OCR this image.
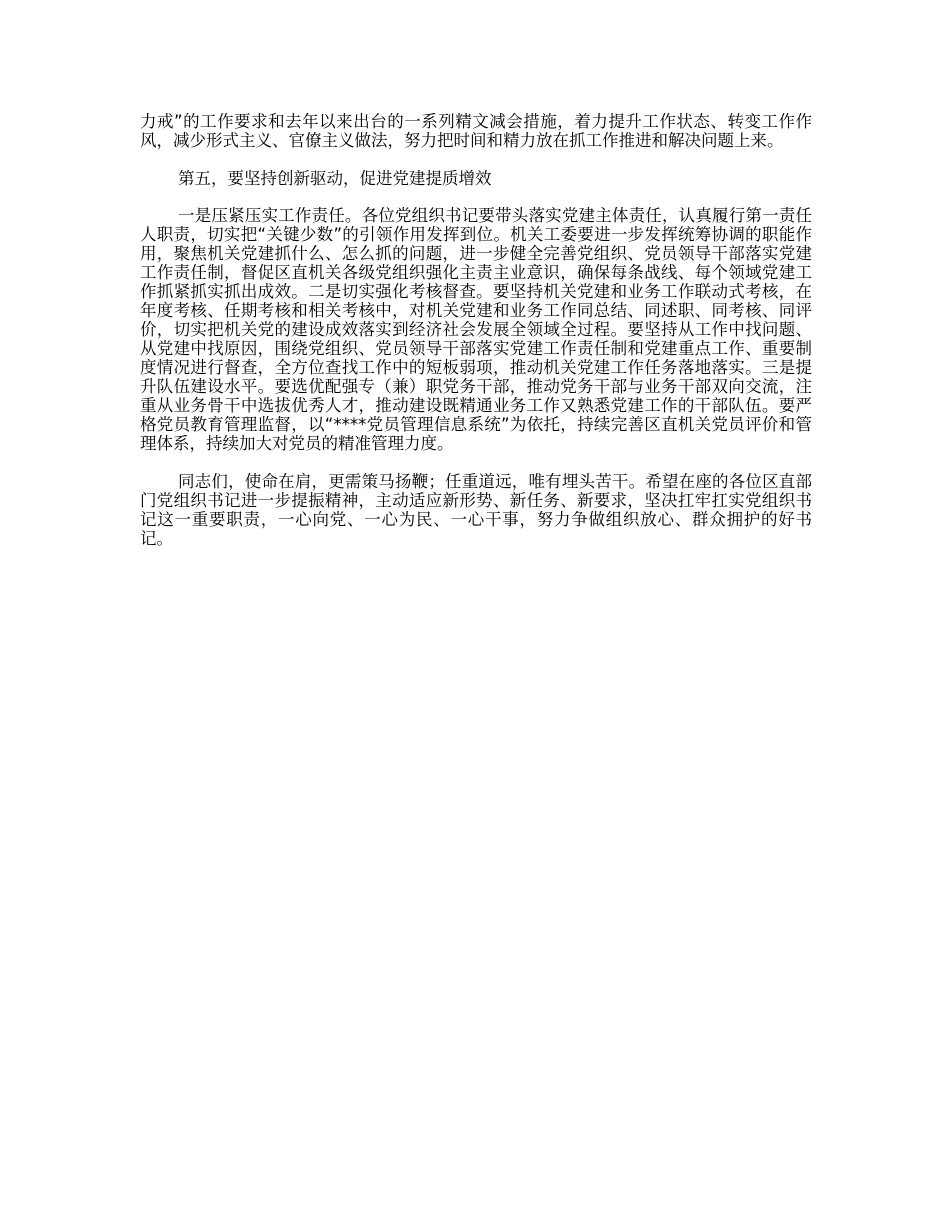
力戒”的工作要求和去年以来出台的一系列精文减会措施，着力提升工作状态、转变工作作风，减少形式主义、官僚主义做法，努力把时间和精力放在抓工作推进和解决问题上来。

第五，要坚持创新驱动，促进党建提质增效

一是压紧压实工作责任。各位党组织书记要带头落实党建主体责任，认真履行第一责任人职责，切实把“关键少数”的引领作用发挥到位。机关工委要进一步发挥统筹协调的职能作用，聚焦机关党建抓什么、怎么抓的问题，进一步健全完善党组织、党员领导干部落实党建工作责任制，督促区直机关各级党组织强化主责主业意识，确保每条战线、每个领域党建工作抓紧抓实抓出成效。二是切实强化考核督查。要坚持机关党建和业务工作联动式考核，在年度考核、任期考核和相关考核中，对机关党建和业务工作同总结、同述职、同考核、同评价，切实把机关党的建设成效落实到经济社会发展全领域全过程。要坚持从工作中找问题、从党建中找原因，围绕党组织、党员领导干部落实党建工作责任制和党建重点工作、重要制度情况进行督查，全方位查找工作中的短板弱项，推动机关党建工作任务落地落实。三是提升队伍建设水平。要选优配强专（兼）职党务干部，推动党务干部与业务干部双向交流，注重从业务骨干中选拔优秀人才，推动建设既精通业务工作又熟悉党建工作的干部队伍。要严格党员教育管理监督，以“****党员管理信息系统”为依托，持续完善区直机关党员评价和管理体系，持续加大对党员的精准管理力度。

同志们，使命在肩，更需策马扬鞭；任重道远，唯有埋头苦干。希望在座的各位区直部门党组织书记进一步提振精神，主动适应新形势、新任务、新要求，坚决扛牢扛实党组织书记这一重要职责，一心向党、一心为民、一心干事，努力争做组织放心、群众拥护的好书记。
